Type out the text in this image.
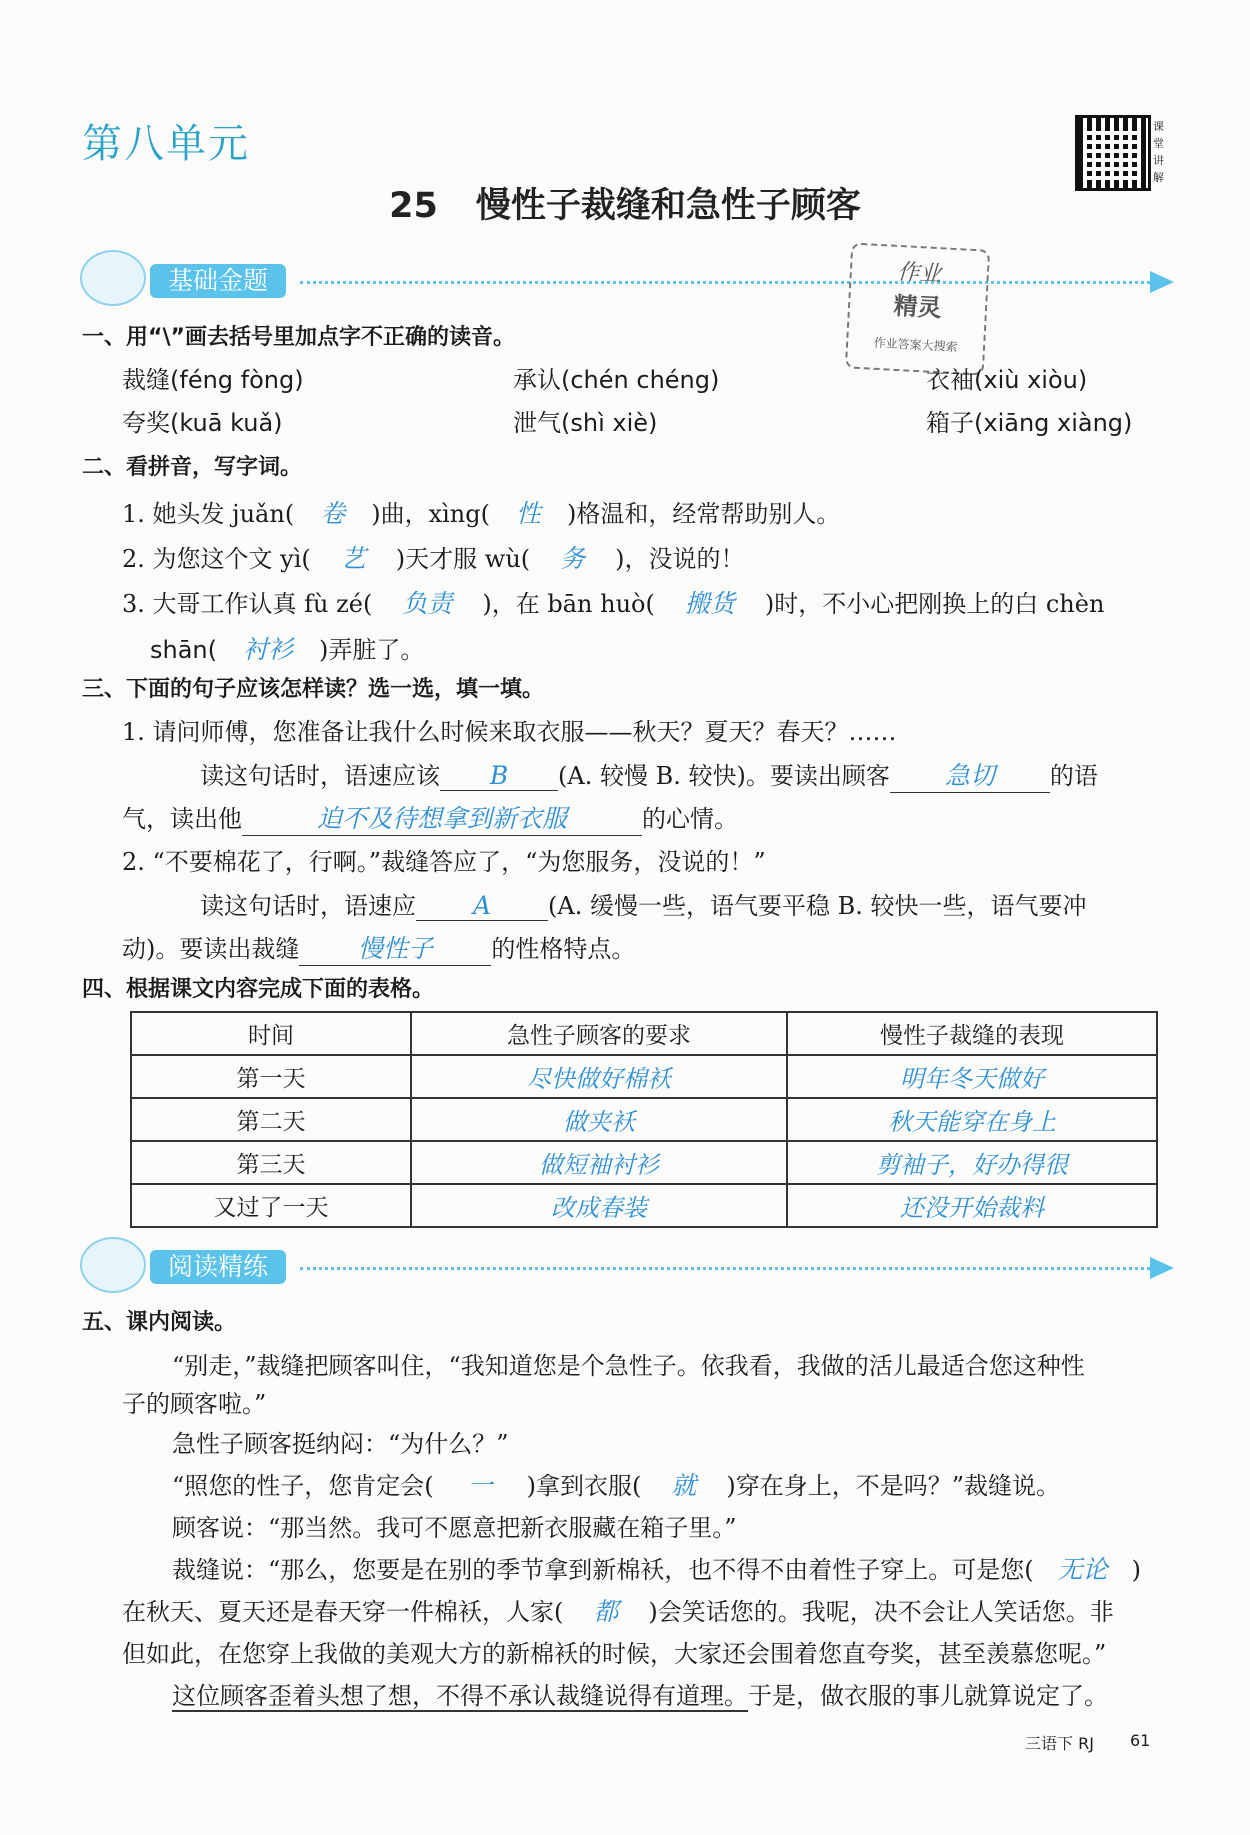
第八单元
25 慢性子裁缝和急性子顾客
课堂讲解
基础金题	作业
精灵
作业答案大搜索
一、用“\”画去括号里加点字不正确的读音。
裁缝(féng fòng)	承认(chén chéng)	衣袖(xiù xiòu)
夸奖(kuā kuǎ)	泄气(shì xiè)	箱子(xiāng xiàng)
二、看拼音，写字词。
1. 她头发 juǎn( 卷 )曲，xìng( 性 )格温和，经常帮助别人。
2. 为您这个文 yì( 艺 )天才服 wù( 务 )，没说的！
3. 大哥工作认真 fù zé( 负责 )，在 bān huò( 搬货 )时，不小心把刚换上的白 chèn
shān( 衬衫 )弄脏了。
三、下面的句子应该怎样读？选一选，填一填。
1. 请问师傅，您准备让我什么时候来取衣服——秋天？夏天？春天？……
读这句话时，语速应该 B (A. 较慢 B. 较快)。要读出顾客 急切 的语
气，读出他	迫不及待想拿到新衣服	的心情。
2. “不要棉花了，行啊。”裁缝答应了，“为您服务，没说的！”
读这句话时，语速应 A (A. 缓慢一些，语气要平稳 B. 较快一些，语气要冲
动)。要读出裁缝 慢性子 的性格特点。
四、根据课文内容完成下面的表格。
时间	急性子顾客的要求	慢性子裁缝的表现
第一天	尽快做好棉袄	明年冬天做好
第二天	做夹袄	秋天能穿在身上
第三天	做短袖衬衫	剪袖子，好办得很
又过了一天	改成春装	还没开始裁料
阅读精练
五、课内阅读。
“别走，”裁缝把顾客叫住，“我知道您是个急性子。依我看，我做的活儿最适合您这种性
子的顾客啦。”
急性子顾客挺纳闷：“为什么？”
“照您的性子，您肯定会( 一 )拿到衣服( 就 )穿在身上，不是吗？”裁缝说。
顾客说：“那当然。我可不愿意把新衣服藏在箱子里。”
裁缝说：“那么，您要是在别的季节拿到新棉袄，也不得不由着性子穿上。可是您( 无论 )
在秋天、夏天还是春天穿一件棉袄，人家( 都 )会笑话您的。我呢，决不会让人笑话您。非
但如此，在您穿上我做的美观大方的新棉袄的时候，大家还会围着您直夸奖，甚至羡慕您呢。”
这位顾客歪着头想了想，不得不承认裁缝说得有道理。于是，做衣服的事儿就算说定了。
三语下 RJ 61
